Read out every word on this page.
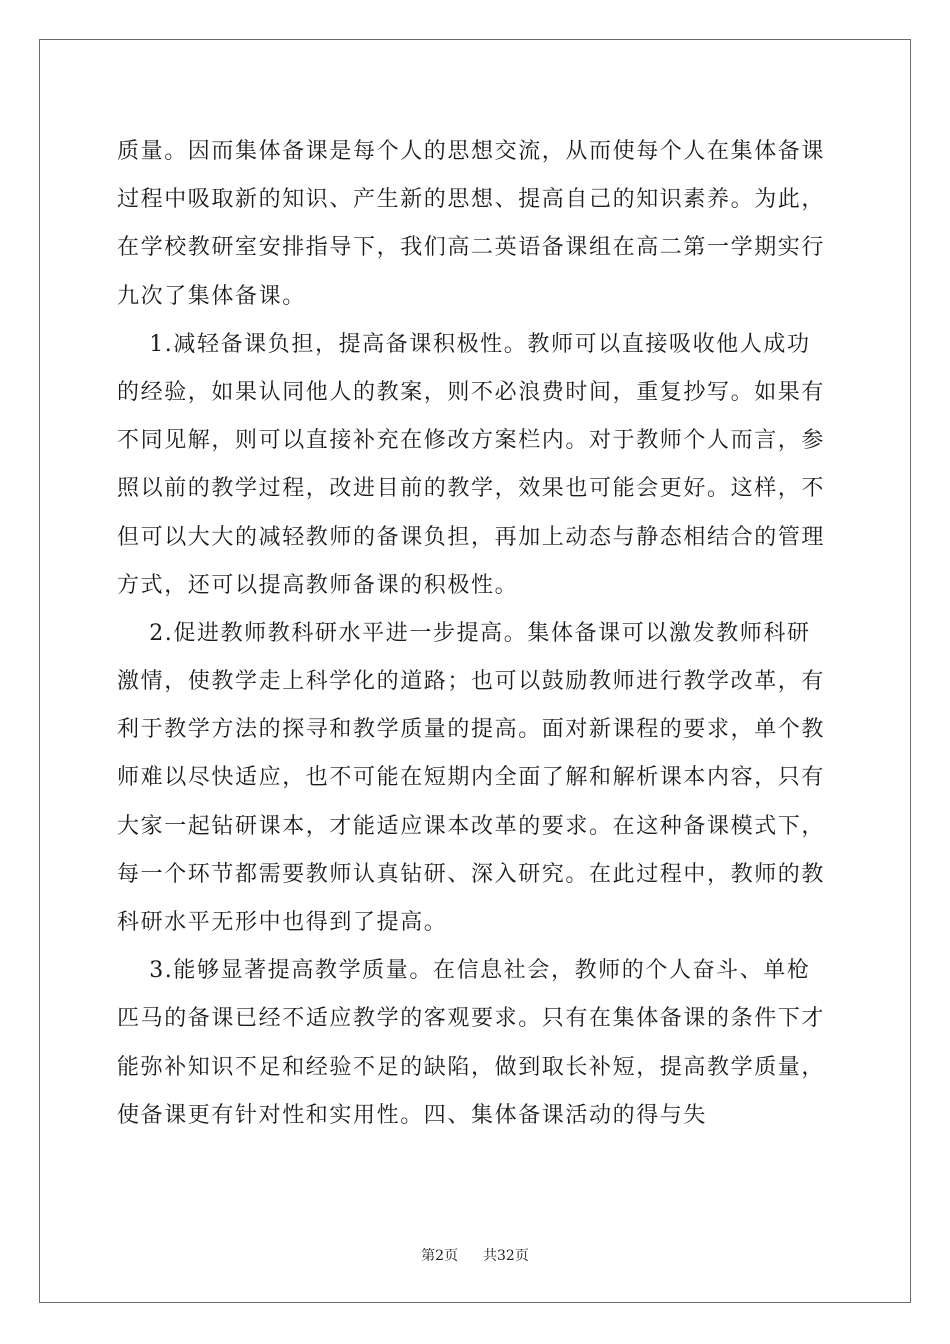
质量。因而集体备课是每个人的思想交流，从而使每个人在集体备课
过程中吸取新的知识、产生新的思想、提高自己的知识素养。为此，
在学校教研室安排指导下，我们高二英语备课组在高二第一学期实行
九次了集体备课。
　 1.减轻备课负担，提高备课积极性。教师可以直接吸收他人成功
的经验，如果认同他人的教案，则不必浪费时间，重复抄写。如果有
不同见解，则可以直接补充在修改方案栏内。对于教师个人而言，参
照以前的教学过程，改进目前的教学，效果也可能会更好。这样，不
但可以大大的减轻教师的备课负担，再加上动态与静态相结合的管理
方式，还可以提高教师备课的积极性。
　 2.促进教师教科研水平进一步提高。集体备课可以激发教师科研
激情，使教学走上科学化的道路；也可以鼓励教师进行教学改革，有
利于教学方法的探寻和教学质量的提高。面对新课程的要求，单个教
师难以尽快适应，也不可能在短期内全面了解和解析课本内容，只有
大家一起钻研课本，才能适应课本改革的要求。在这种备课模式下，
每一个环节都需要教师认真钻研、深入研究。在此过程中，教师的教
科研水平无形中也得到了提高。
　 3.能够显著提高教学质量。在信息社会，教师的个人奋斗、单枪
匹马的备课已经不适应教学的客观要求。只有在集体备课的条件下才
能弥补知识不足和经验不足的缺陷，做到取长补短，提高教学质量，
使备课更有针对性和实用性。四、集体备课活动的得与失
第2页 共32页
